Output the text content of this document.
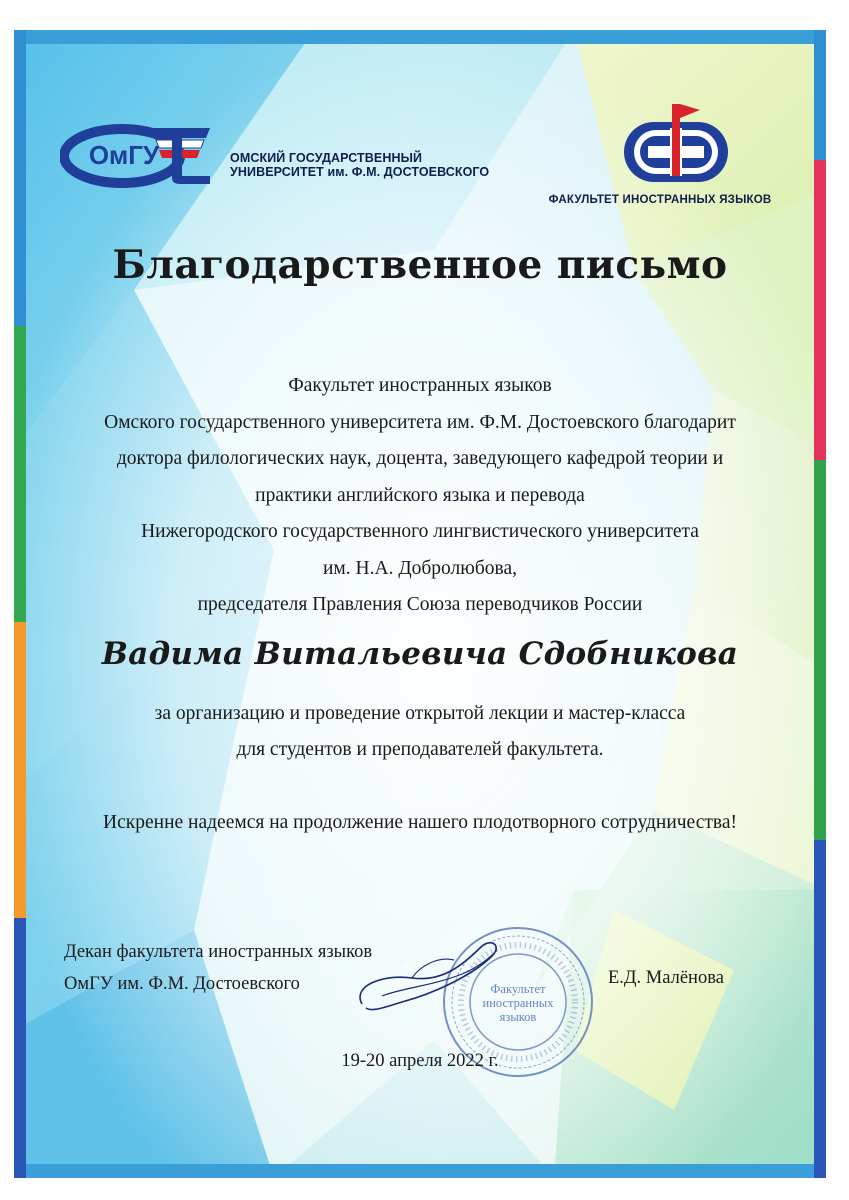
ОмГУ	ОМСКИЙ ГОСУДАРСТВЕННЫЙ
УНИВЕРСИТЕТ им. Ф.М. ДОСТОЕВСКОГО
ФАКУЛЬТЕТ ИНОСТРАННЫХ ЯЗЫКОВ
Благодарственное письмо
Факультет иностранных языков
Омского государственного университета им. Ф.М. Достоевского благодарит
доктора филологических наук, доцента, заведующего кафедрой теории и
практики английского языка и перевода
Нижегородского государственного лингвистического университета
им. Н.А. Добролюбова,
председателя Правления Союза переводчиков России
Вадима Витальевича Сдобникова
за организацию и проведение открытой лекции и мастер-класса
для студентов и преподавателей факультета.
Искренне надеемся на продолжение нашего плодотворного сотрудничества!
Декан факультета иностранных языков
ОмГУ им. Ф.М. Достоевского	Факультет
иностранных
языков
Е.Д. Малёнова
19-20 апреля 2022 г.
